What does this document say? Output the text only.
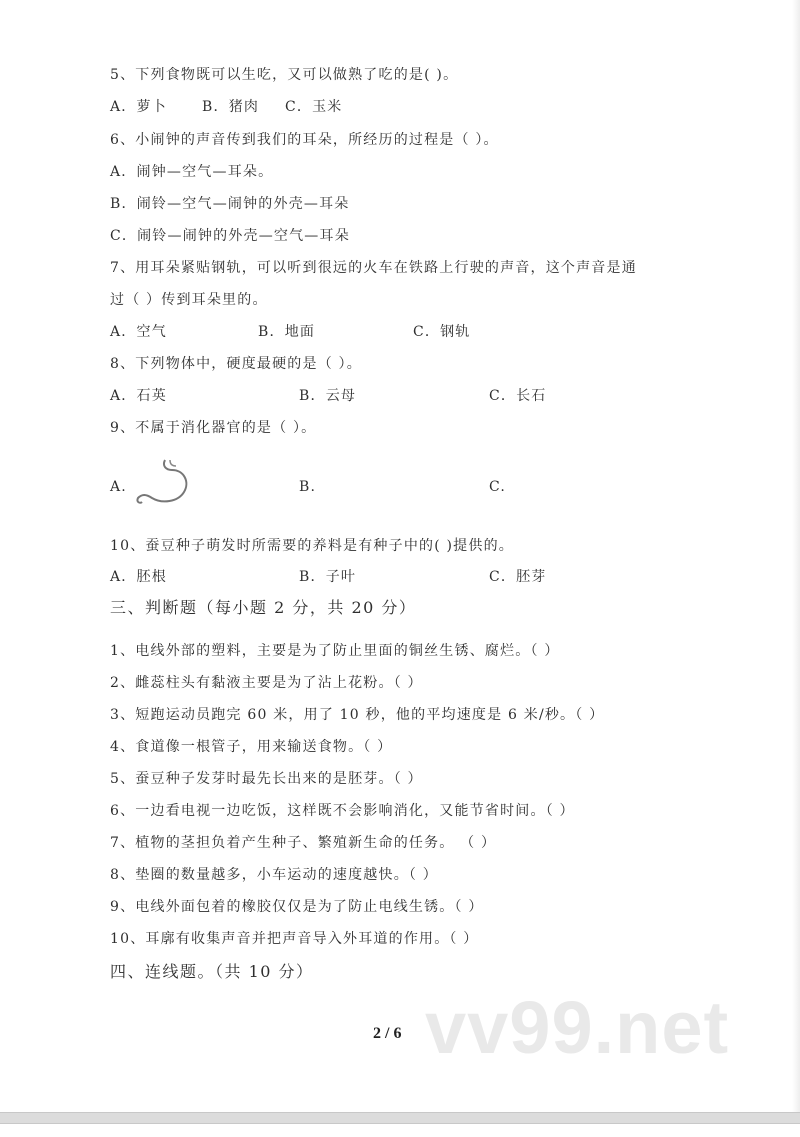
5、下列食物既可以生吃，又可以做熟了吃的是( )。
A．萝卜	B．猪肉 C．玉米
6、小闹钟的声音传到我们的耳朵，所经历的过程是（ ）。
A．闹钟—空气—耳朵。
B．闹铃—空气—闹钟的外壳—耳朵
C．闹铃—闹钟的外壳—空气—耳朵
7、用耳朵紧贴钢轨，可以听到很远的火车在铁路上行驶的声音，这个声音是通
过（ ）传到耳朵里的。
A．空气	B．地面	C．钢轨
8、下列物体中，硬度最硬的是（ ）。
A．石英	B．云母	C．长石
9、不属于消化器官的是（ ）。
A.	B.	C.
10、蚕豆种子萌发时所需要的养料是有种子中的( )提供的。
A．胚根	B．子叶	C．胚芽
三、判断题（每小题 2 分，共 20 分）
1、电线外部的塑料，主要是为了防止里面的铜丝生锈、腐烂。（ ）
2、雌蕊柱头有黏液主要是为了沾上花粉。（ ）
3、短跑运动员跑完 60 米，用了 10 秒，他的平均速度是 6 米/秒。（ ）
4、食道像一根管子，用来输送食物。（ ）
5、蚕豆种子发芽时最先长出来的是胚芽。（ ）
6、一边看电视一边吃饭，这样既不会影响消化，又能节省时间。（ ）
7、植物的茎担负着产生种子、繁殖新生命的任务。 （ ）
8、垫圈的数量越多，小车运动的速度越快。（ ）
9、电线外面包着的橡胶仅仅是为了防止电线生锈。（ ）
10、耳廓有收集声音并把声音导入外耳道的作用。（ ）
四、连线题。（共 10 分）
vv99.net
2 / 6
